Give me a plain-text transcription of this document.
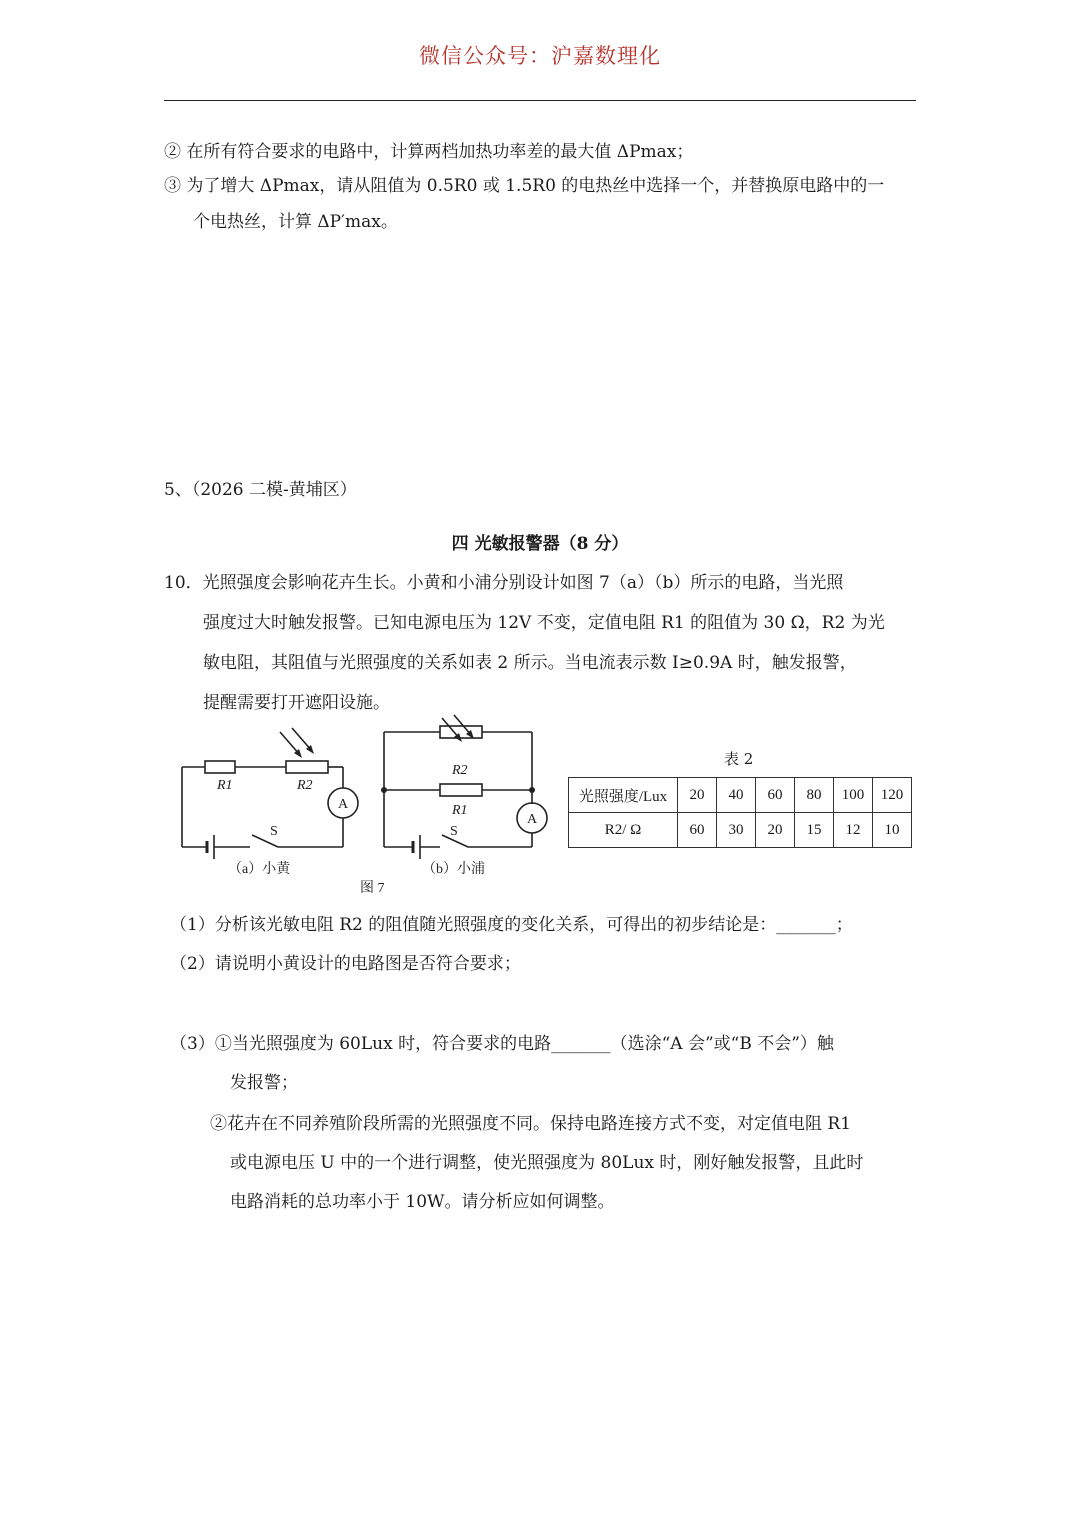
微信公众号：沪嘉数理化
② 在所有符合要求的电路中，计算两档加热功率差的最大值 ΔPmax；
③ 为了增大 ΔPmax，请从阻值为 0.5R0 或 1.5R0 的电热丝中选择一个，并替换原电路中的一
个电热丝，计算 ΔP′max。
5、（2026 二模-黄埔区）
四 光敏报警器（8 分）
10．光照强度会影响花卉生长。小黄和小浦分别设计如图 7（a）（b）所示的电路，当光照
强度过大时触发报警。已知电源电压为 12V 不变，定值电阻 R1 的阻值为 30 Ω，R2 为光
敏电阻，其阻值与光照强度的关系如表 2 所示。当电流表示数 I≥0.9A 时，触发报警，
提醒需要打开遮阳设施。
R1	R2
A
S
R2
R1
A
S
（a）小黄	（b）小浦
图 7
表 2
光照强度/Lux	20	40	60	80	100	120
R2/ Ω	60	30	20	15	12	10
（1）分析该光敏电阻 R2 的阻值随光照强度的变化关系，可得出的初步结论是：_______；
（2）请说明小黄设计的电路图是否符合要求；
（3）①当光照强度为 60Lux 时，符合要求的电路_______（选涂“A 会”或“B 不会”）触
发报警；
②花卉在不同养殖阶段所需的光照强度不同。保持电路连接方式不变，对定值电阻 R1
或电源电压 U 中的一个进行调整，使光照强度为 80Lux 时，刚好触发报警，且此时
电路消耗的总功率小于 10W。请分析应如何调整。
